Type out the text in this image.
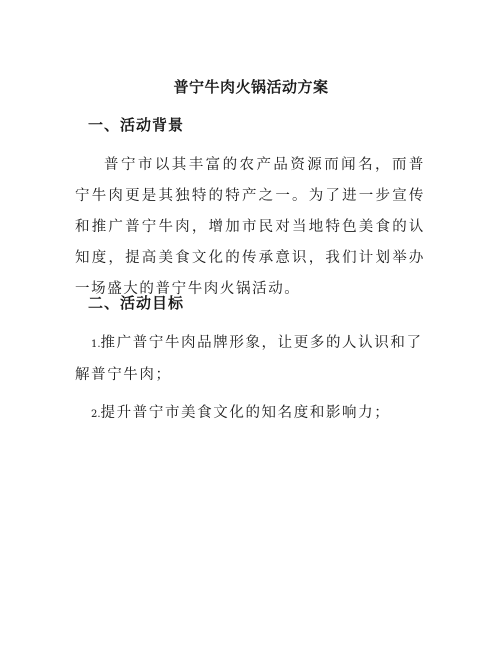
普宁牛肉火锅活动方案
一、活动背景

普宁市以其丰富的农产品资源而闻名，而普宁牛肉更是其独特的特产之一。为了进一步宣传和推广普宁牛肉，增加市民对当地特色美食的认知度，提高美食文化的传承意识，我们计划举办一场盛大的普宁牛肉火锅活动。

二、活动目标

1.推广普宁牛肉品牌形象，让更多的人认识和了解普宁牛肉；

2.提升普宁市美食文化的知名度和影响力；
